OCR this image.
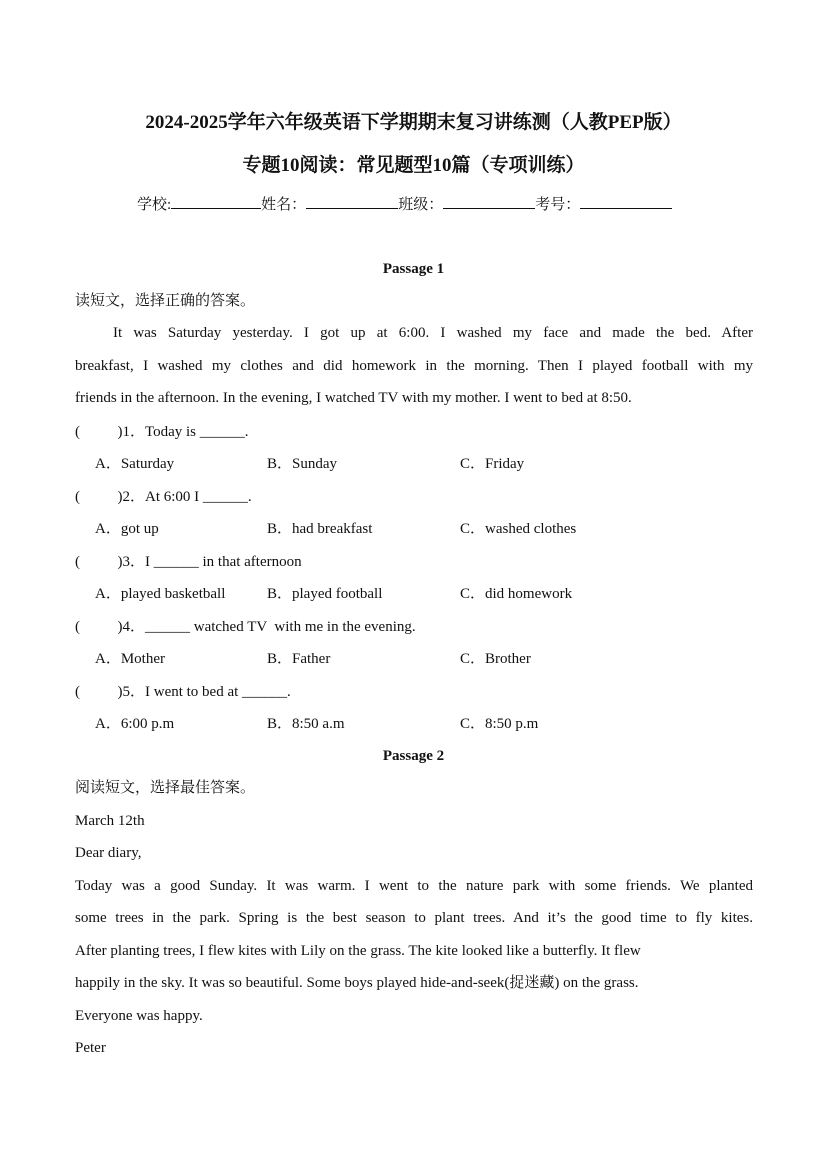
2024-2025学年六年级英语下学期期末复习讲练测（人教PEP版）
专题10阅读：常见题型10篇（专项训练）
学校:	姓名：	班级：	考号：
Passage 1
读短文，选择正确的答案。
It was Saturday yesterday. I got up at 6:00. I washed my face and made the bed. After
breakfast, I washed my clothes and did homework in the morning. Then I played football with my
friends in the afternoon. In the evening, I watched TV with my mother. I went to bed at 8:50.
Passage 2
阅读短文，选择最佳答案。
March 12th
Dear diary,
Today was a good Sunday. It was warm. I went to the nature park with some friends. We planted
some trees in the park. Spring is the best season to plant trees. And it’s the good time to fly kites.
After planting trees, I flew kites with Lily on the grass. The kite looked like a butterfly. It flew
happily in the sky. It was so beautiful. Some boys played hide-and-seek(捉迷藏) on the grass.
Everyone was happy.
Peter
(          )1．Today is ______.
A．Saturday	B．Sunday	C．Friday
(          )2．At 6:00 I ______.
A．got up	B．had breakfast	C．washed clothes
(          )3．I ______ in that afternoon
A．played basketball	B．played football	C．did homework
(          )4．______ watched TV  with me in the evening.
A．Mother	B．Father	C．Brother
(          )5．I went to bed at ______.
A．6:00 p.m	B．8:50 a.m	C．8:50 p.m
